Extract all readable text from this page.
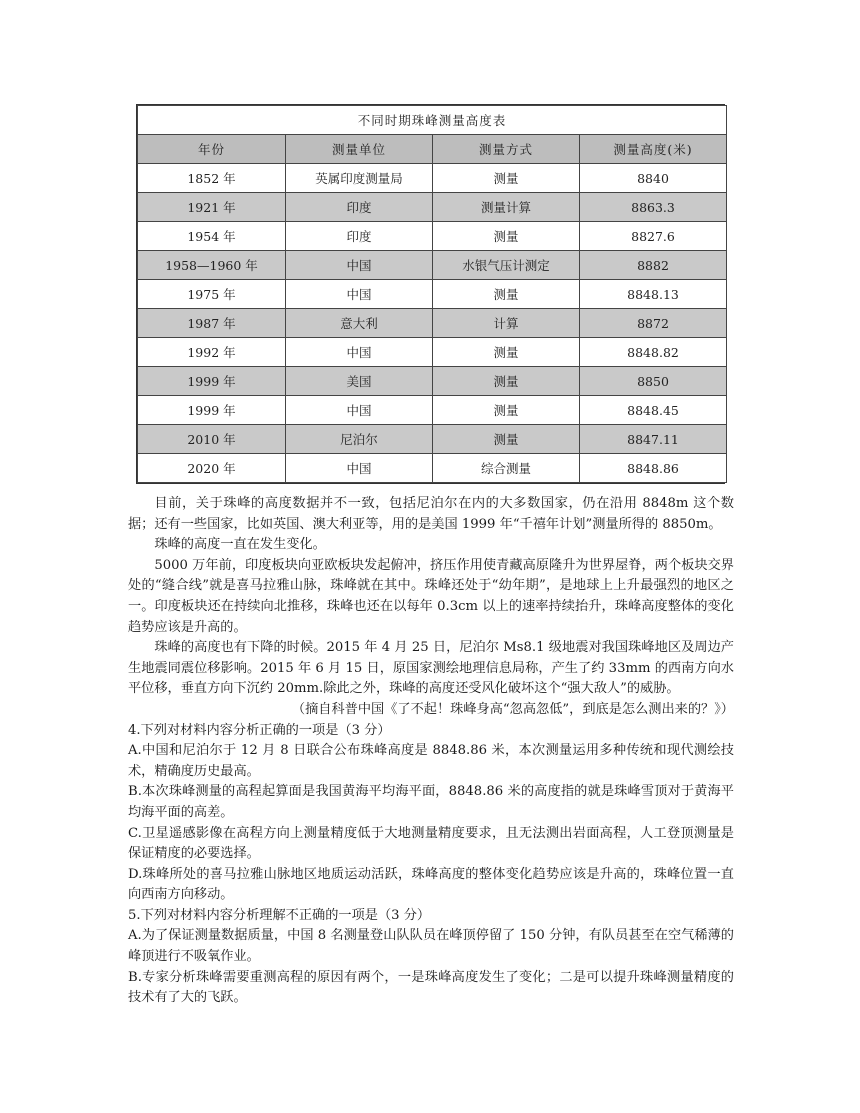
不同时期珠峰测量高度表			
年份	测量单位	测量方式	测量高度(米)
1852 年	英属印度测量局	测量	8840
1921 年	印度	测量计算	8863.3
1954 年	印度	测量	8827.6
1958—1960 年	中国	水银气压计测定	8882
1975 年	中国	测量	8848.13
1987 年	意大利	计算	8872
1992 年	中国	测量	8848.82
1999 年	美国	测量	8850
1999 年	中国	测量	8848.45
2010 年	尼泊尔	测量	8847.11
2020 年	中国	综合测量	8848.86

目前，关于珠峰的高度数据并不一致，包括尼泊尔在内的大多数国家，仍在沿用 8848m 这个数据；还有一些国家，比如英国、澳大利亚等，用的是美国 1999 年“千禧年计划”测量所得的 8850m。

珠峰的高度一直在发生变化。

5000 万年前，印度板块向亚欧板块发起俯冲，挤压作用使青藏高原隆升为世界屋脊，两个板块交界处的“缝合线”就是喜马拉雅山脉，珠峰就在其中。珠峰还处于“幼年期”，是地球上上升最强烈的地区之一。印度板块还在持续向北推移，珠峰也还在以每年 0.3cm 以上的速率持续抬升，珠峰高度整体的变化趋势应该是升高的。

珠峰的高度也有下降的时候。2015 年 4 月 25 日，尼泊尔 Ms8.1 级地震对我国珠峰地区及周边产生地震同震位移影响。2015 年 6 月 15 日，原国家测绘地理信息局称，产生了约 33mm 的西南方向水平位移，垂直方向下沉约 20mm.除此之外，珠峰的高度还受风化破坏这个“强大敌人”的威胁。

（摘自科普中国《了不起！珠峰身高“忽高忽低”，到底是怎么测出来的？》）

4.下列对材料内容分析正确的一项是（3 分）

A.中国和尼泊尔于 12 月 8 日联合公布珠峰高度是 8848.86 米，本次测量运用多种传统和现代测绘技术，精确度历史最高。

B.本次珠峰测量的高程起算面是我国黄海平均海平面，8848.86 米的高度指的就是珠峰雪顶对于黄海平均海平面的高差。

C.卫星遥感影像在高程方向上测量精度低于大地测量精度要求，且无法测出岩面高程，人工登顶测量是保证精度的必要选择。

D.珠峰所处的喜马拉雅山脉地区地质运动活跃，珠峰高度的整体变化趋势应该是升高的，珠峰位置一直向西南方向移动。

5.下列对材料内容分析理解不正确的一项是（3 分）

A.为了保证测量数据质量，中国 8 名测量登山队队员在峰顶停留了 150 分钟，有队员甚至在空气稀薄的峰顶进行不吸氧作业。

B.专家分析珠峰需要重测高程的原因有两个，一是珠峰高度发生了变化；二是可以提升珠峰测量精度的技术有了大的飞跃。
